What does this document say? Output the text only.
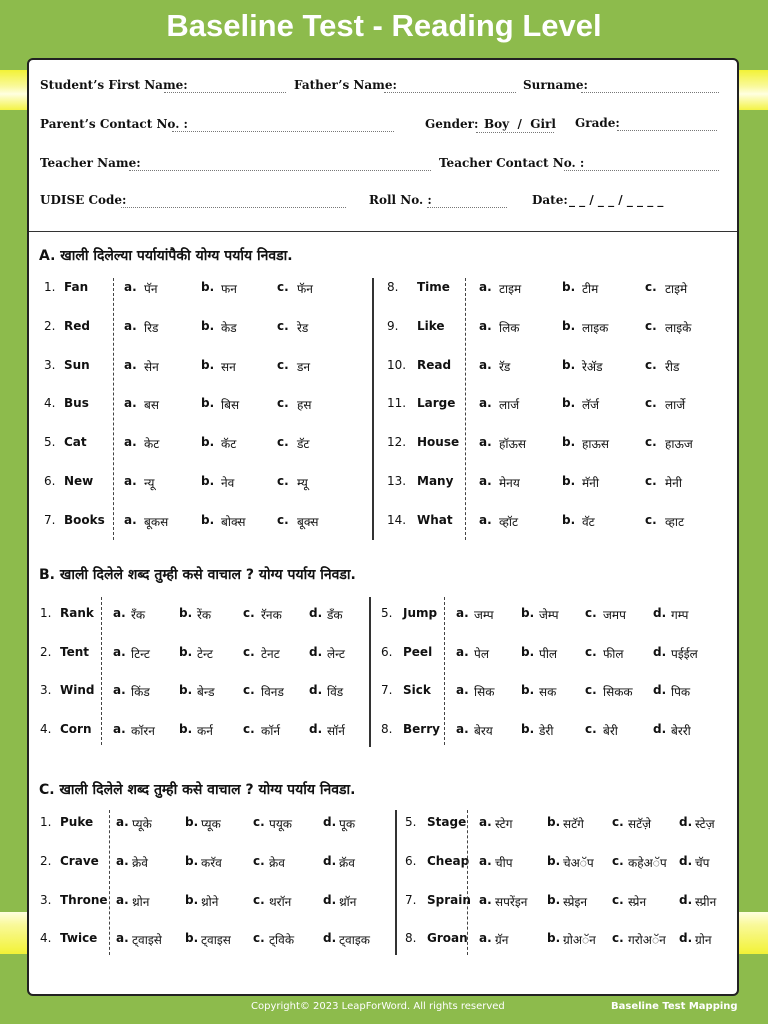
Baseline Test - Reading Level
Student’s First Name:	Father’s Name:	Surname:
Parent’s Contact No. :	Gender: Boy  /  Girl Grade:
Teacher Name:	Teacher Contact No. :
UDISE Code:	Roll No. :	Date: _ _ / _ _ / _ _ _ _
A. खाली दिलेल्या पर्यायांपैकी योग्य पर्याय निवडा.
1. Fan	a. पॅन	b. फन	c. फॅन
2. Red	a. रिड	b. केड	c. रेड
3. Sun	a. सेन	b. सन	c. डन
4. Bus	a. बस	b. बिस	c. हस
5. Cat	a. केट	b. कॅट	c. डॅट
6. New	a. न्यू	b. नेव	c. म्यू
7. Books a. बूकस	b. बोक्स	c. बूक्स
8. Time a. टाइम	b. टीम	c. टाइमे
9. Like	a. लिक	b. लाइक	c. लाइके
10. Read a. रॅड	b. रेॲड	c. रीड
11. Large a. लार्ज	b. लॅर्ज	c. लार्जे
12. House a. हॉऊस	b. हाऊस	c. हाऊज
13. Many a. मेनय	b. मॅनी	c. मेनी
14. What a. व्हॉट	b. वॅट	c. व्हाट
B. खाली दिलेले शब्द तुम्ही कसे वाचाल ? योग्य पर्याय निवडा.
1. Rank a. रॅंक	b. रेंक	c. रॅनक d. डॅंक
2. Tent a. टिन्ट b. टेन्ट	c. टेनट d. लेन्ट
3. Wind a. किंड b. बेन्ड c. विनड d. विंड
4. Corn a. कॉरन b. कर्न	c. कॉर्न d. सॉर्न
5. Jump a. जम्प b. जेम्प c. जमप d. गम्प
6. Peel a. पेल	b. पील c. फील d. पईईल
7. Sick a. सिक b. सक c. सिकक d. पिक
8. Berry a. बेरय b. डेरी	c. बेरी	d. बेररी
C. खाली दिलेले शब्द तुम्ही कसे वाचाल ? योग्य पर्याय निवडा.
1. Puke a. प्यूके	b. प्यूक	c. पयूक	d. पूक
2. Crave a. क्रेवे	b. करॅव	c. क्रेव	d. क्रॅव
3. Throne a. थ्रोन	b. थ्रोने	c. थरॉन	d. थ्रॉन
4. Twice a. ट्वाइसे b. ट्वाइस c. ट्विके d. ट्वाइक
5. Stage a. स्टेग	b. सटॅगे c. सटॅज़े d. स्टेज़
6. Cheap a. चीप	b. चेअॅप c. कहेअॅप d. चॅप
7. Sprain a. सपरेंइन b. स्प्रेइन c. स्प्रेन	d. स्प्रीन
8. Groan a. ग्रॅन	b. ग्रोअॅन c. गरोअॅन d. ग्रोन
Copyright© 2023 LeapForWord. All rights reserved	Baseline Test Mapping
